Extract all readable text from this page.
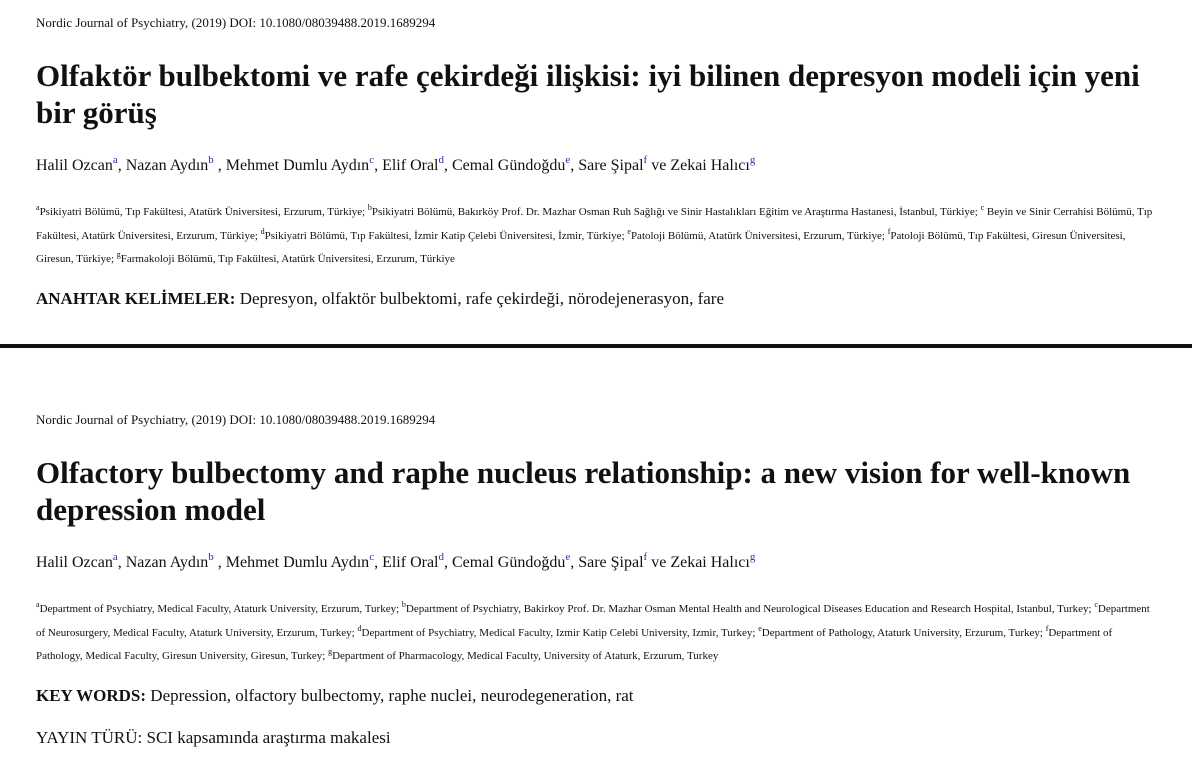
Nordic Journal of Psychiatry, (2019) DOI: 10.1080/08039488.2019.1689294
Olfaktör bulbektomi ve rafe çekirdeği ilişkisi: iyi bilinen depresyon modeli için yeni
bir görüş
Halil Ozcan$^a$, Nazan Aydın$^b$ , Mehmet Dumlu Aydın$^c$, Elif Oral$^d$, Cemal Gündoğdu$^e$, Sare Şipal$^f$ ve Zekai Halıcı$^g$
$^a$Psikiyatri Bölümü, Tıp Fakültesi, Atatürk Üniversitesi, Erzurum, Türkiye; $^b$Psikiyatri Bölümü, Bakırköy Prof. Dr. Mazhar Osman Ruh Sağlığı ve Sinir Hastalıkları Eğitim ve Araştırma Hastanesi, İstanbul, Türkiye; $^c$ Beyin ve Sinir Cerrahisi Bölümü, Tıp Fakültesi, Atatürk Üniversitesi, Erzurum, Türkiye; $^d$Psikiyatri Bölümü, Tıp Fakültesi, İzmir Katip Çelebi Üniversitesi, İzmir, Türkiye; $^e$Patoloji Bölümü, Atatürk Üniversitesi, Erzurum, Türkiye; $^f$Patoloji Bölümü, Tıp Fakültesi, Giresun Üniversitesi, Giresun, Türkiye; $^g$Farmakoloji Bölümü, Tıp Fakültesi, Atatürk Üniversitesi, Erzurum, Türkiye
ANAHTAR KELİMELER: Depresyon, olfaktör bulbektomi, rafe çekirdeği, nörodejenerasyon, fare
Nordic Journal of Psychiatry, (2019) DOI: 10.1080/08039488.2019.1689294
Olfactory bulbectomy and raphe nucleus relationship: a new vision for well-known
depression model
Halil Ozcan$^a$, Nazan Aydın$^b$ , Mehmet Dumlu Aydın$^c$, Elif Oral$^d$, Cemal Gündoğdu$^e$, Sare Şipal$^f$ ve Zekai Halıcı$^g$
$^a$Department of Psychiatry, Medical Faculty, Ataturk University, Erzurum, Turkey; $^b$Department of Psychiatry, Bakirkoy Prof. Dr. Mazhar Osman Mental Health and Neurological Diseases Education and Research Hospital, Istanbul, Turkey; $^c$Department of Neurosurgery, Medical Faculty, Ataturk University, Erzurum, Turkey; $^d$Department of Psychiatry, Medical Faculty, Izmir Katip Celebi University, Izmir, Turkey; $^e$Department of Pathology, Ataturk University, Erzurum, Turkey; $^f$Department of Pathology, Medical Faculty, Giresun University, Giresun, Turkey; $^g$Department of Pharmacology, Medical Faculty, University of Ataturk, Erzurum, Turkey
KEY WORDS: Depression, olfactory bulbectomy, raphe nuclei, neurodegeneration, rat
YAYIN TÜRÜ: SCI kapsamında araştırma makalesi
